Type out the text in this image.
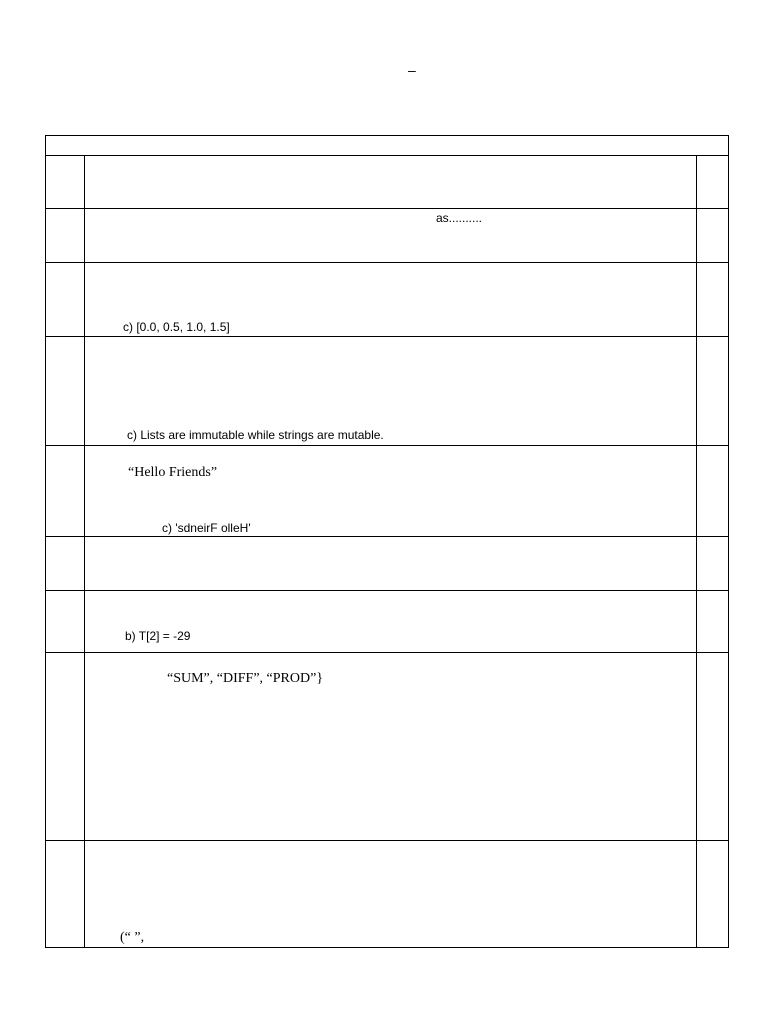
–
as..........
c) [0.0, 0.5, 1.0, 1.5]
c) Lists are immutable while strings are mutable.
“Hello Friends”
c) 'sdneirF olleH'
b) T[2] = -29
“SUM”, “DIFF”, “PROD”}
(“ ”,
